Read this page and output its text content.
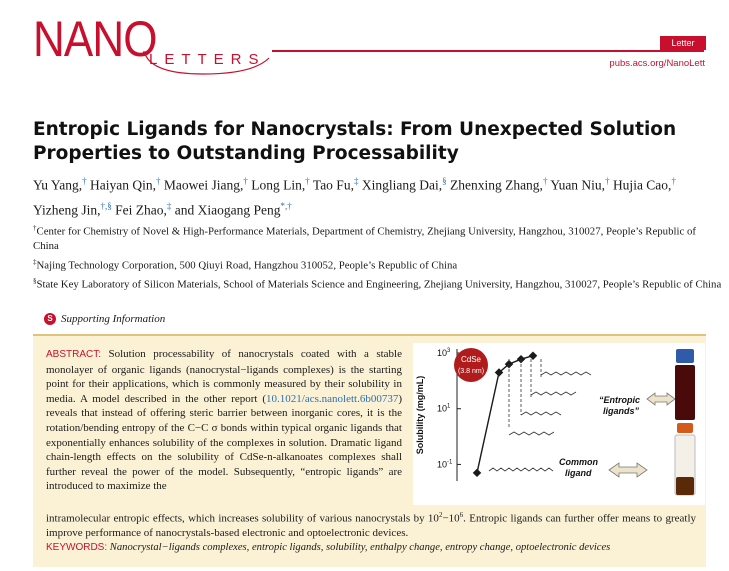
NANO
LETTERS
Letter
pubs.acs.org/NanoLett
Entropic Ligands for Nanocrystals: From Unexpected Solution Properties to Outstanding Processability
Yu Yang,† Haiyan Qin,† Maowei Jiang,† Long Lin,† Tao Fu,‡ Xingliang Dai,§ Zhenxing Zhang,† Yuan Niu,† Hujia Cao,† Yizheng Jin,†,§ Fei Zhao,‡ and Xiaogang Peng*,†
†Center for Chemistry of Novel & High-Performance Materials, Department of Chemistry, Zhejiang University, Hangzhou, 310027, People’s Republic of China
‡Najing Technology Corporation, 500 Qiuyi Road, Hangzhou 310052, People’s Republic of China
§State Key Laboratory of Silicon Materials, School of Materials Science and Engineering, Zhejiang University, Hangzhou, 310027, People’s Republic of China
S Supporting Information
ABSTRACT: Solution processability of nanocrystals coated with a stable monolayer of organic ligands (nanocrystal−ligands complexes) is the starting point for their applications, which is commonly measured by their solubility in media. A model described in the other report (10.1021/acs.nanolett.6b00737) reveals that instead of offering steric barrier between inorganic cores, it is the rotation/bending entropy of the C−C σ bonds within typical organic ligands that exponentially enhances solubility of the complexes in solution. Dramatic ligand chain-length effects on the solubility of CdSe-n-alkanoates complexes shall further reveal the power of the model. Subsequently, “entropic ligands” are introduced to maximize the
intramolecular entropic effects, which increases solubility of various nanocrystals by $10^2-10^6$. Entropic ligands can further offer means to greatly improve performance of nanocrystals-based electronic and optoelectronic devices.
KEYWORDS: Nanocrystal−ligands complexes, entropic ligands, solubility, enthalpy change, entropy change, optoelectronic devices
$10^3$
$10^1$
$10^{-1}$
Solubility (mg/mL)
CdSe
(3.8 nm)
“Entropic
ligands”
Common
ligand
